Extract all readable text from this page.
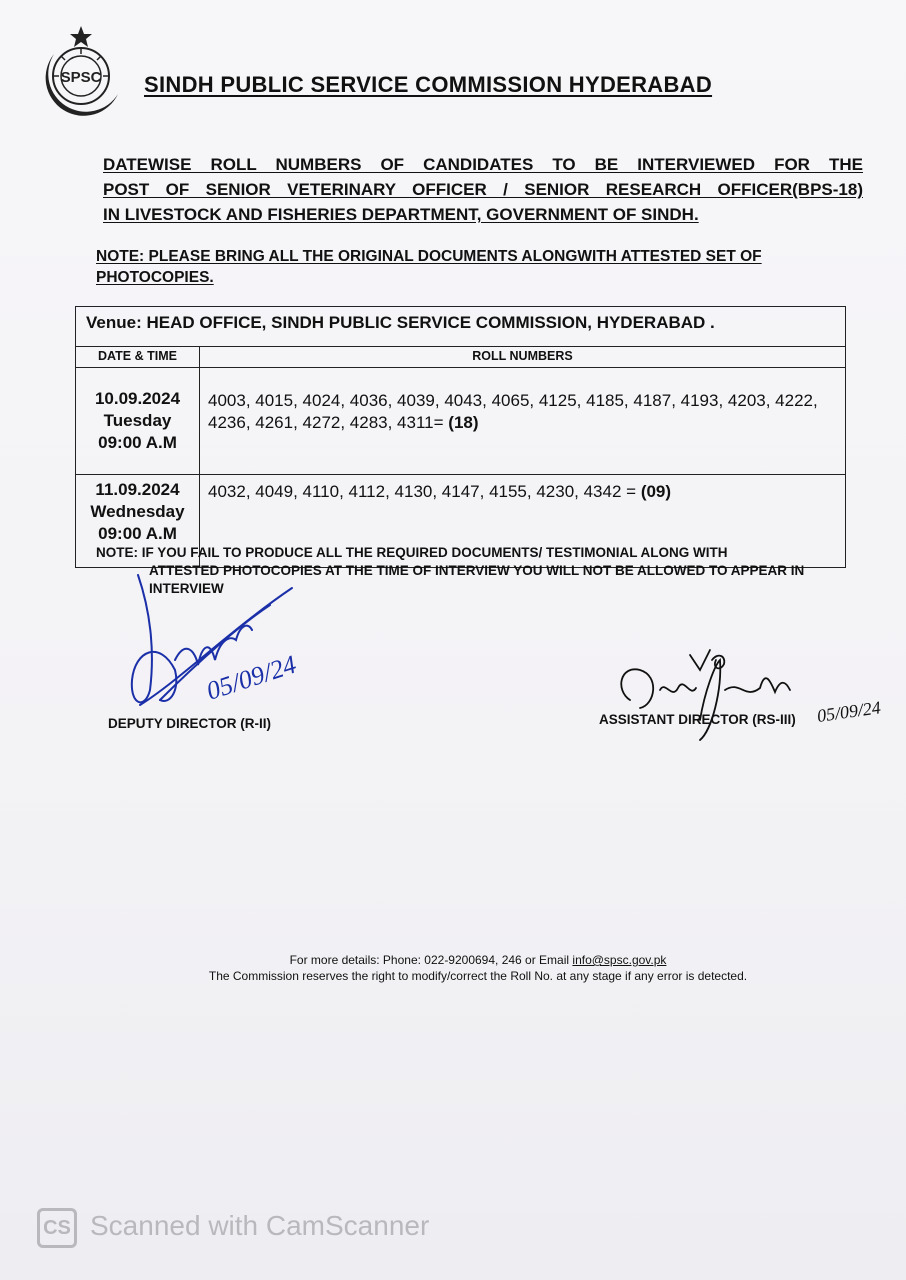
SPSC SINDH PUBLIC SERVICE COMMISSION HYDERABAD
DATEWISE ROLL NUMBERS OF CANDIDATES TO BE INTERVIEWED FOR THE
POST OF SENIOR VETERINARY OFFICER / SENIOR RESEARCH OFFICER(BPS-18)
IN LIVESTOCK AND FISHERIES DEPARTMENT, GOVERNMENT OF SINDH.
NOTE: PLEASE BRING ALL THE ORIGINAL DOCUMENTS ALONGWITH ATTESTED SET OF
PHOTOCOPIES.
Venue: HEAD OFFICE, SINDH PUBLIC SERVICE COMMISSION, HYDERABAD .	
DATE & TIME	ROLL NUMBERS

10.09.2024
Tuesday
09:00 A.M	4003, 4015, 4024, 4036, 4039, 4043, 4065, 4125, 4185, 4187, 4193, 4203, 4222, 4236, 4261, 4272, 4283, 4311= (18)

11.09.2024
Wednesday
09:00 A.M	4032, 4049, 4110, 4112, 4130, 4147, 4155, 4230, 4342 = (09)
NOTE: IF YOU FAIL TO PRODUCE ALL THE REQUIRED DOCUMENTS/ TESTIMONIAL ALONG WITH
ATTESTED PHOTOCOPIES AT THE TIME OF INTERVIEW YOU WILL NOT BE ALLOWED TO APPEAR IN
INTERVIEW
05/09/24
05/09/24
DEPUTY DIRECTOR (R-II)	ASSISTANT DIRECTOR (RS-III)
For more details: Phone: 022-9200694, 246 or Email info@spsc.gov.pk
The Commission reserves the right to modify/correct the Roll No. at any stage if any error is detected.
CS Scanned with CamScanner
